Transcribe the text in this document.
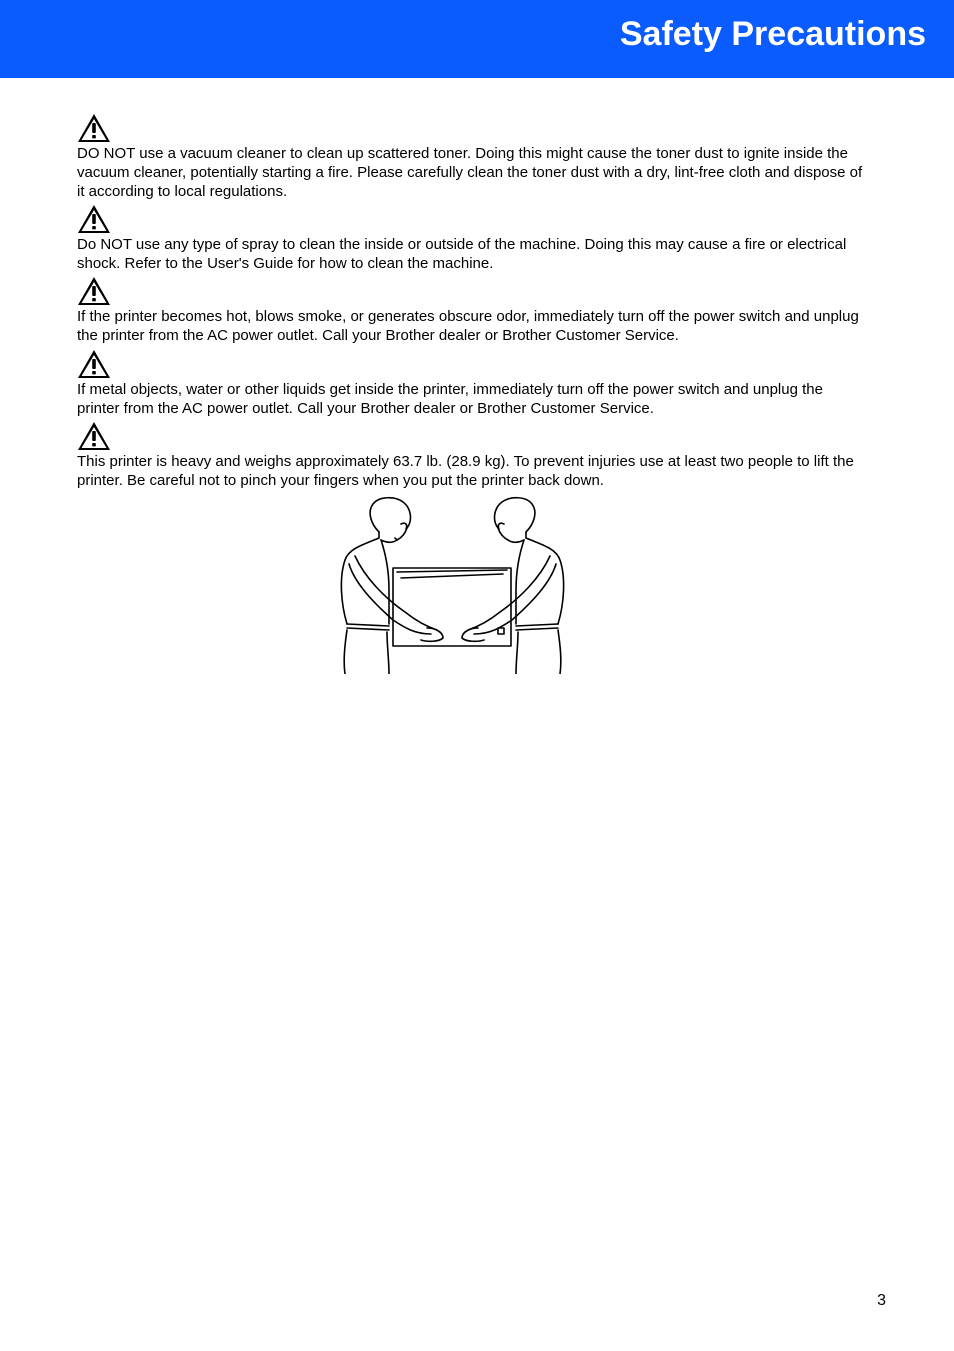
Safety Precautions

DO NOT use a vacuum cleaner to clean up scattered toner. Doing this might cause the toner dust to ignite inside the vacuum cleaner, potentially starting a fire. Please carefully clean the toner dust with a dry, lint-free cloth and dispose of it according to local regulations.

Do NOT use any type of spray to clean the inside or outside of the machine. Doing this may cause a fire or electrical shock. Refer to the User's Guide for how to clean the machine.

If the printer becomes hot, blows smoke, or generates obscure odor, immediately turn off the power switch and unplug the printer from the AC power outlet. Call your Brother dealer or Brother Customer Service.

If metal objects, water or other liquids get inside the printer, immediately turn off the power switch and unplug the printer from the AC power outlet. Call your Brother dealer or Brother Customer Service.

This printer is heavy and weighs approximately 63.7 lb. (28.9 kg). To prevent injuries use at least two people to lift the printer. Be careful not to pinch your fingers when you put the printer back down.

3
